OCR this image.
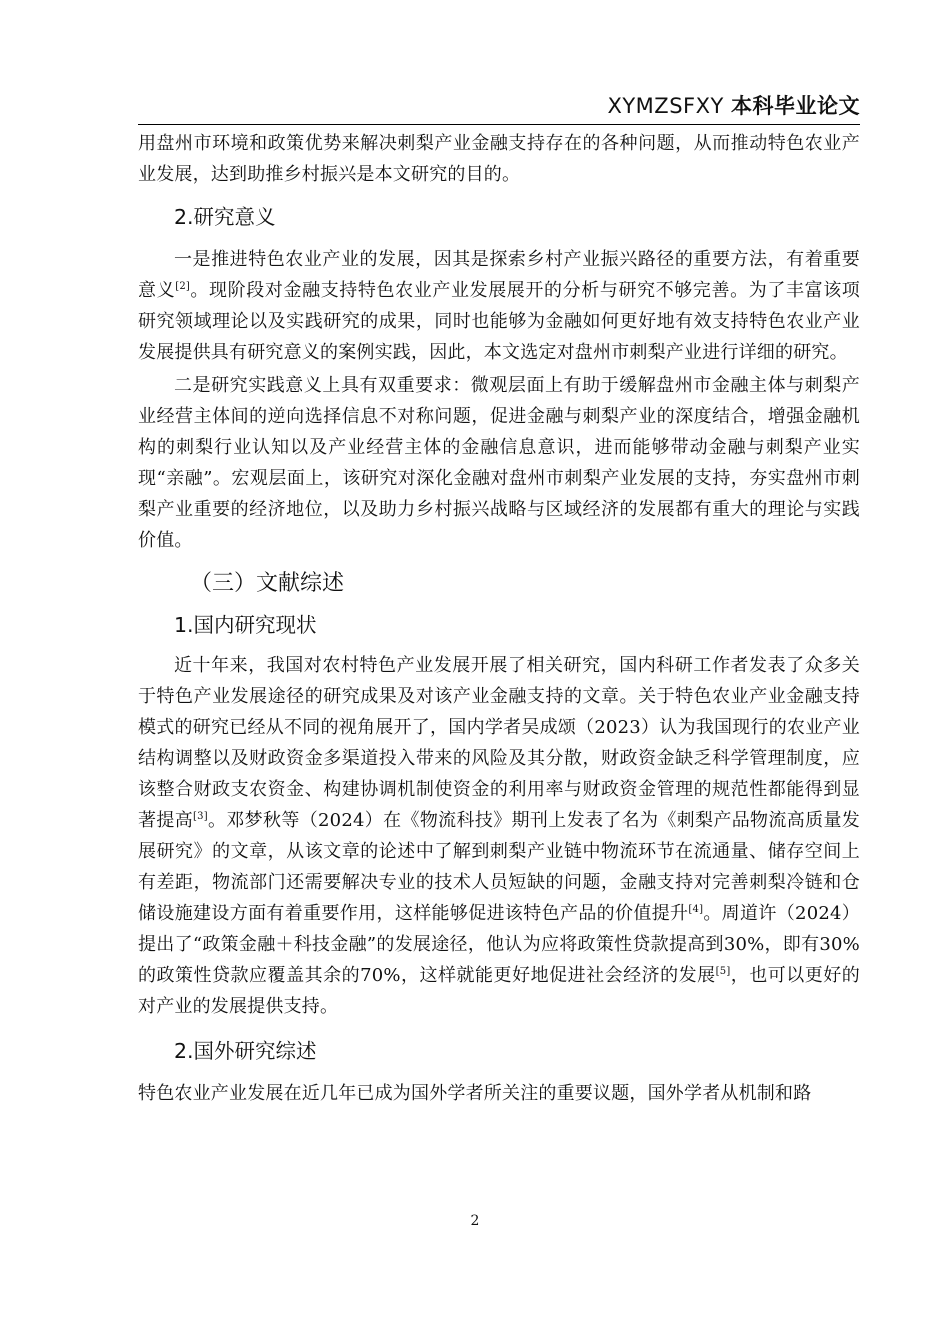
XYMZSFXY 本科毕业论文

用盘州市环境和政策优势来解决刺梨产业金融支持存在的各种问题，从而推动特色农业产业发展，达到助推乡村振兴是本文研究的目的。

2.研究意义

一是推进特色农业产业的发展，因其是探索乡村产业振兴路径的重要方法，有着重要意义[2]。现阶段对金融支持特色农业产业发展展开的分析与研究不够完善。为了丰富该项研究领域理论以及实践研究的成果，同时也能够为金融如何更好地有效支持特色农业产业发展提供具有研究意义的案例实践，因此，本文选定对盘州市刺梨产业进行详细的研究。

二是研究实践意义上具有双重要求：微观层面上有助于缓解盘州市金融主体与刺梨产业经营主体间的逆向选择信息不对称问题，促进金融与刺梨产业的深度结合，增强金融机构的刺梨行业认知以及产业经营主体的金融信息意识，进而能够带动金融与刺梨产业实现“亲融”。宏观层面上，该研究对深化金融对盘州市刺梨产业发展的支持，夯实盘州市刺梨产业重要的经济地位，以及助力乡村振兴战略与区域经济的发展都有重大的理论与实践价值。

（三）文献综述
1.国内研究现状

近十年来，我国对农村特色产业发展开展了相关研究，国内科研工作者发表了众多关于特色产业发展途径的研究成果及对该产业金融支持的文章。关于特色农业产业金融支持模式的研究已经从不同的视角展开了，国内学者吴成颂（2023）认为我国现行的农业产业结构调整以及财政资金多渠道投入带来的风险及其分散，财政资金缺乏科学管理制度，应该整合财政支农资金、构建协调机制使资金的利用率与财政资金管理的规范性都能得到显著提高[3]。邓梦秋等（2024）在《物流科技》期刊上发表了名为《刺梨产品物流高质量发展研究》的文章，从该文章的论述中了解到刺梨产业链中物流环节在流通量、储存空间上有差距，物流部门还需要解决专业的技术人员短缺的问题，金融支持对完善刺梨冷链和仓储设施建设方面有着重要作用，这样能够促进该特色产品的价值提升[4]。周道许（2024）提出了“政策金融＋科技金融”的发展途径，他认为应将政策性贷款提高到30%，即有30%的政策性贷款应覆盖其余的70%，这样就能更好地促进社会经济的发展[5]，也可以更好的对产业的发展提供支持。

2.国外研究综述

特色农业产业发展在近几年已成为国外学者所关注的重要议题，国外学者从机制和路

2
